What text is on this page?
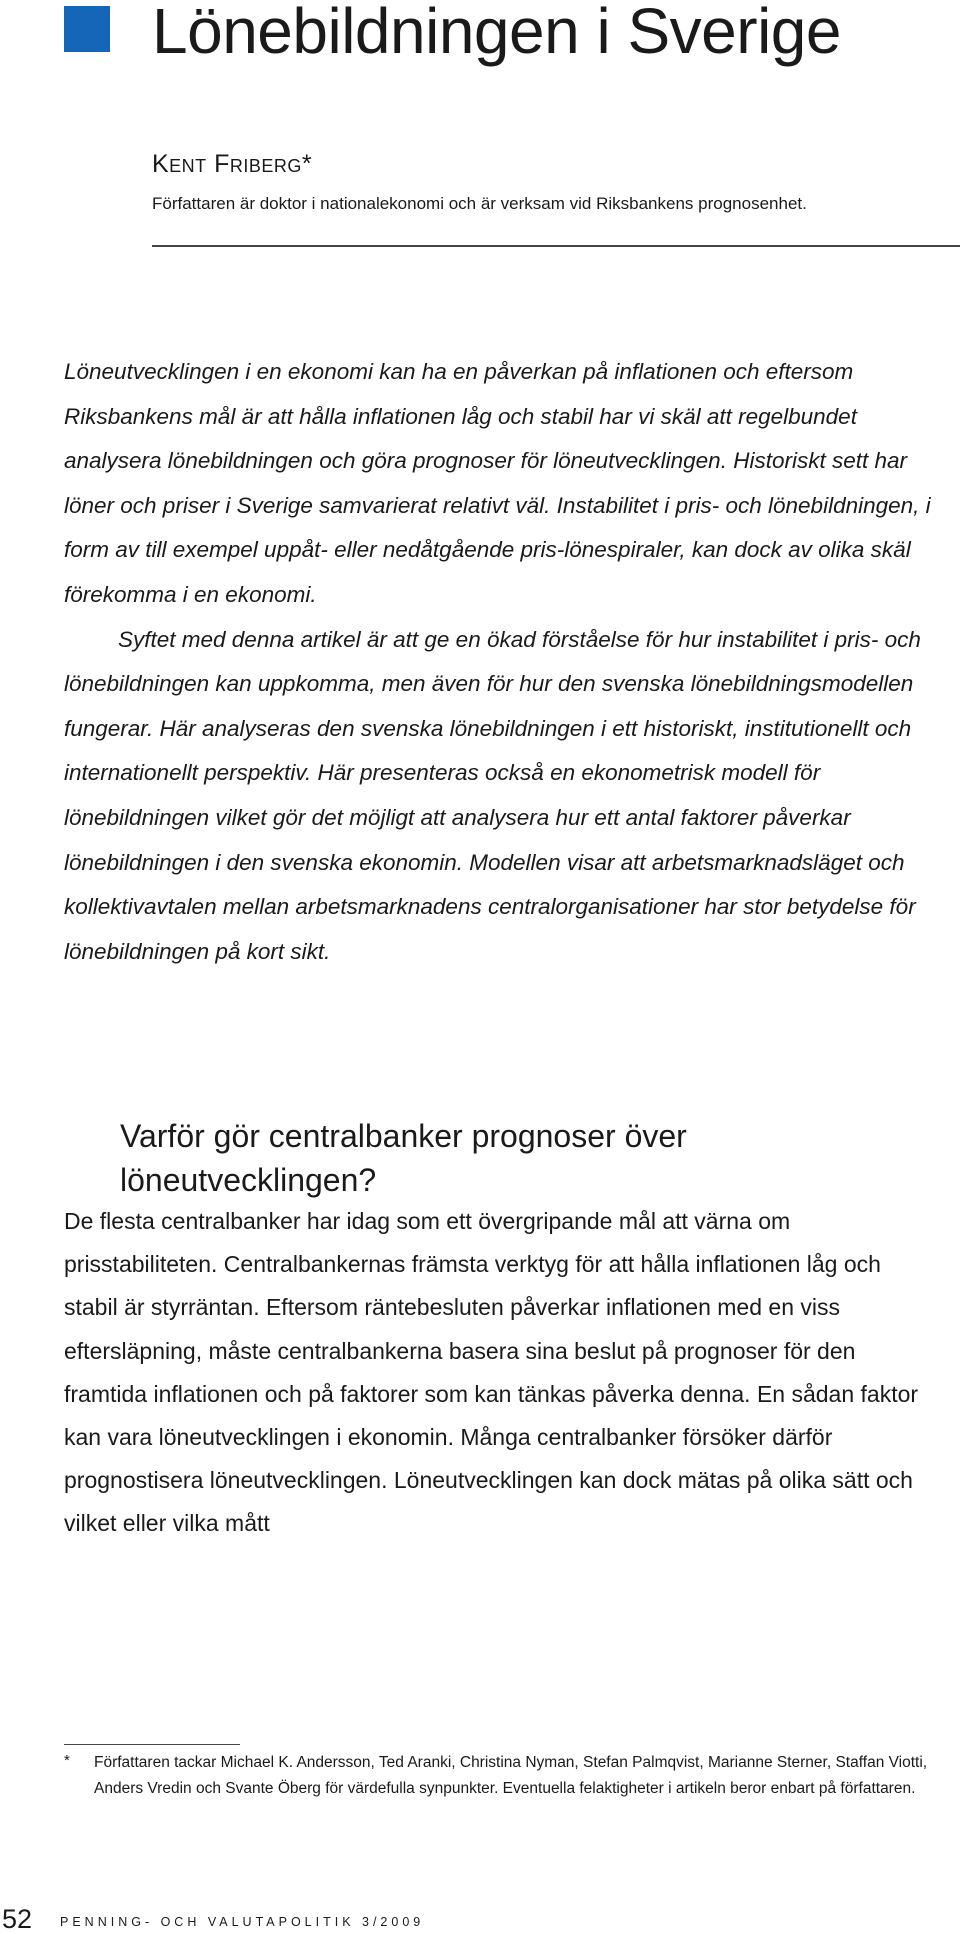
Lönebildningen i Sverige

Kent Friberg*

Författaren är doktor i nationalekonomi och är verksam vid Riksbankens prognosenhet.

Löneutvecklingen i en ekonomi kan ha en påverkan på inflationen och eftersom Riksbankens mål är att hålla inflationen låg och stabil har vi skäl att regelbundet analysera lönebildningen och göra prognoser för löneutvecklingen. Historiskt sett har löner och priser i Sverige samvarierat relativt väl. Instabilitet i pris- och lönebildningen, i form av till exempel uppåt- eller nedåtgående pris-lönespiraler, kan dock av olika skäl förekomma i en ekonomi.

Syftet med denna artikel är att ge en ökad förståelse för hur instabilitet i pris- och lönebildningen kan uppkomma, men även för hur den svenska lönebildningsmodellen fungerar. Här analyseras den svenska lönebildningen i ett historiskt, institutionellt och internationellt perspektiv. Här presenteras också en ekonometrisk modell för lönebildningen vilket gör det möjligt att analysera hur ett antal faktorer påverkar lönebildningen i den svenska ekonomin. Modellen visar att arbetsmarknadsläget och kollektivavtalen mellan arbetsmarknadens centralorganisationer har stor betydelse för lönebildningen på kort sikt.

Varför gör centralbanker prognoser över löneutvecklingen?

De flesta centralbanker har idag som ett övergripande mål att värna om prisstabiliteten. Centralbankernas främsta verktyg för att hålla inflationen låg och stabil är styrräntan. Eftersom räntebesluten påverkar inflationen med en viss eftersläpning, måste centralbankerna basera sina beslut på prognoser för den framtida inflationen och på faktorer som kan tänkas påverka denna. En sådan faktor kan vara löneutvecklingen i ekonomin. Många centralbanker försöker därför prognostisera löneutvecklingen. Löneutvecklingen kan dock mätas på olika sätt och vilket eller vilka mått

* Författaren tackar Michael K. Andersson, Ted Aranki, Christina Nyman, Stefan Palmqvist, Marianne Sterner, Staffan Viotti, Anders Vredin och Svante Öberg för värdefulla synpunkter. Eventuella felaktigheter i artikeln beror enbart på författaren.

52 PENNING- OCH VALUTAPOLITIK 3/2009
